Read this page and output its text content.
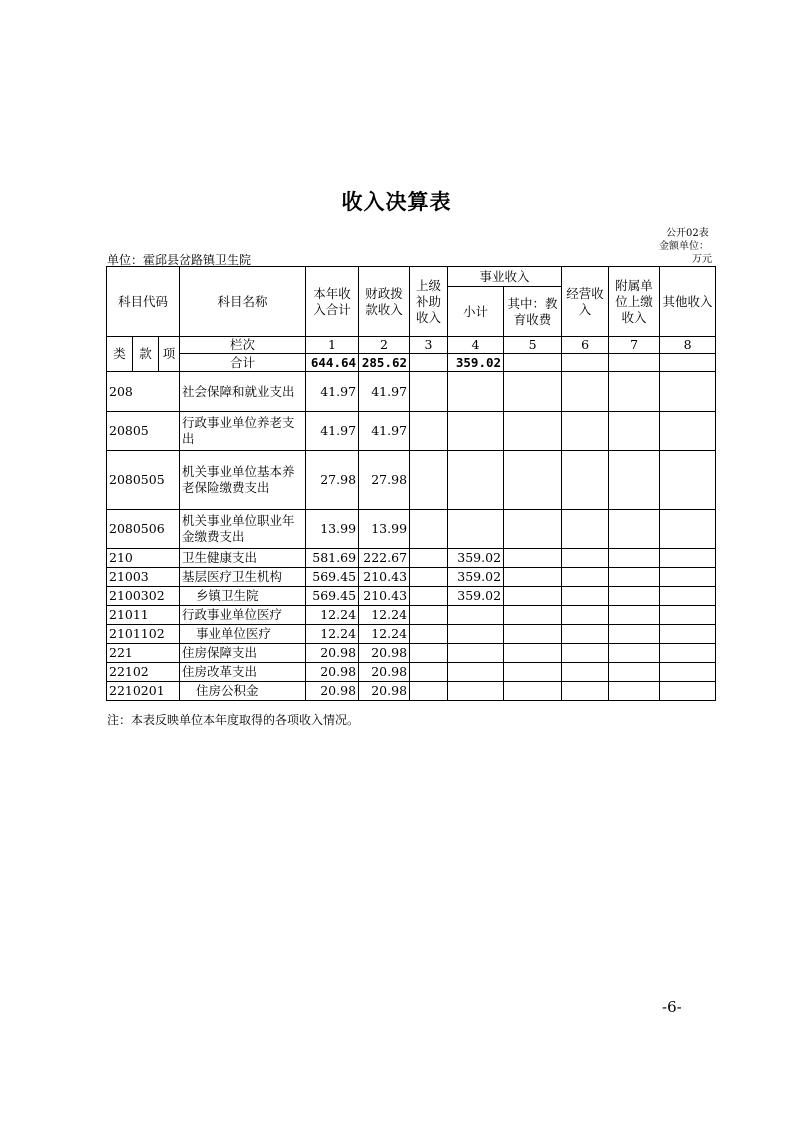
收入决算表
公开02表
金额单位：
万元
单位：霍邱县岔路镇卫生院
科目代码			科目名称	本年收入合计	财政拨款收入	上级补助收入	事业收入		经营收入	附属单位上缴收入	其他收入
							小计	其中：教育收费			

类	款	项	栏次	1	2	3	4	5	6	7	8
			合计	644.64	285.62		359.02				
208			社会保障和就业支出	41.97	41.97						
20805			行政事业单位养老支出	41.97	41.97						
2080505			机关事业单位基本养老保险缴费支出	27.98	27.98						
2080506			机关事业单位职业年金缴费支出	13.99	13.99						
210			卫生健康支出	581.69	222.67		359.02				
21003			基层医疗卫生机构	569.45	210.43		359.02				
2100302			乡镇卫生院	569.45	210.43		359.02				
21011			行政事业单位医疗	12.24	12.24						
2101102			事业单位医疗	12.24	12.24						
221			住房保障支出	20.98	20.98						
22102			住房改革支出	20.98	20.98						
2210201			住房公积金	20.98	20.98						
注：本表反映单位本年度取得的各项收入情况。
-6-
